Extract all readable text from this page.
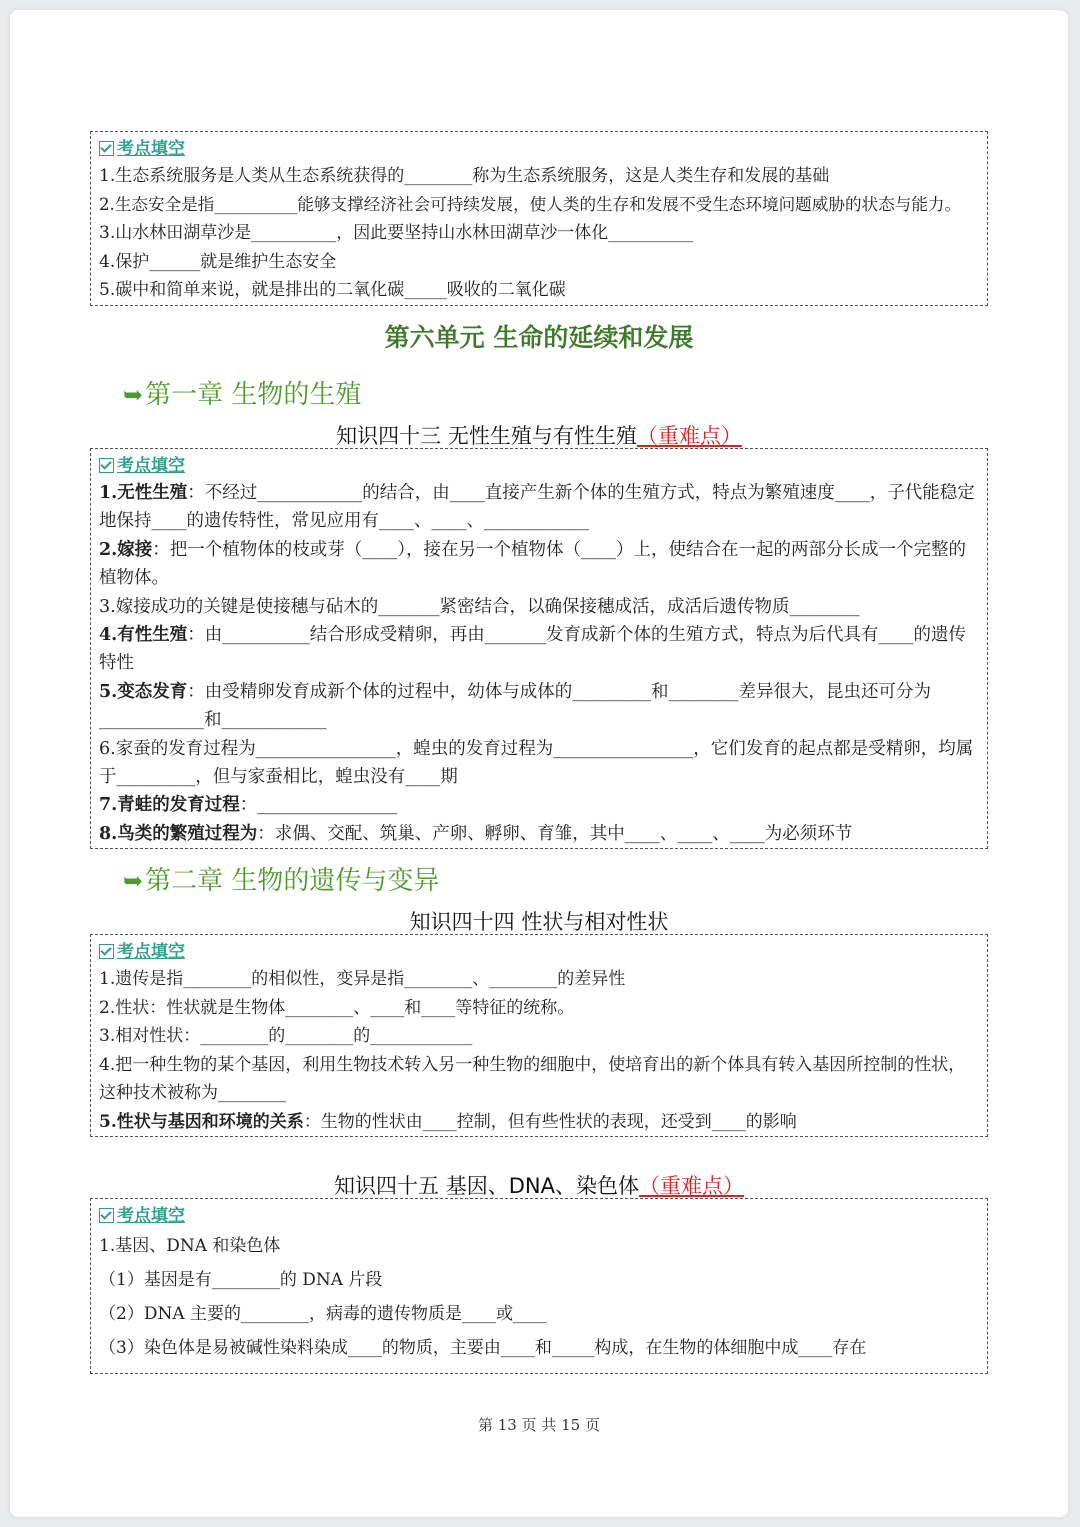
考点填空
1.生态系统服务是人类从生态系统获得的________称为生态系统服务，这是人类生存和发展的基础
2.生态安全是指__________能够支撑经济社会可持续发展，使人类的生存和发展不受生态环境问题威胁的状态与能力。
3.山水林田湖草沙是__________，因此要坚持山水林田湖草沙一体化__________
4.保护______就是维护生态安全
5.碳中和简单来说，就是排出的二氧化碳_____吸收的二氧化碳
第六单元 生命的延续和发展
➥第一章 生物的生殖
知识四十三 无性生殖与有性生殖（重难点）
考点填空
1.无性生殖：不经过____________的结合，由____直接产生新个体的生殖方式，特点为繁殖速度____，子代能稳定地保持____的遗传特性，常见应用有____、____、____________
2.嫁接：把一个植物体的枝或芽（____），接在另一个植物体（____）上，使结合在一起的两部分长成一个完整的植物体。
3.嫁接成功的关键是使接穗与砧木的_______紧密结合，以确保接穗成活，成活后遗传物质________
4.有性生殖：由__________结合形成受精卵，再由_______发育成新个体的生殖方式，特点为后代具有____的遗传特性
5.变态发育：由受精卵发育成新个体的过程中，幼体与成体的_________和________差异很大，昆虫还可分为____________和____________
6.家蚕的发育过程为________________，蝗虫的发育过程为________________，它们发育的起点都是受精卵，均属于_________，但与家蚕相比，蝗虫没有____期
7.青蛙的发育过程：________________
8.鸟类的繁殖过程为：求偶、交配、筑巢、产卵、孵卵、育雏，其中____、____、____为必须环节
➥第二章 生物的遗传与变异
知识四十四 性状与相对性状
考点填空
1.遗传是指________的相似性，变异是指________、________的差异性
2.性状：性状就是生物体________、____和____等特征的统称。
3.相对性状：________的________的____________
4.把一种生物的某个基因，利用生物技术转入另一种生物的细胞中，使培育出的新个体具有转入基因所控制的性状，这种技术被称为________
5.性状与基因和环境的关系：生物的性状由____控制，但有些性状的表现，还受到____的影响
知识四十五 基因、DNA、染色体（重难点）
考点填空
1.基因、DNA 和染色体
（1）基因是有________的 DNA 片段
（2）DNA 主要的________，病毒的遗传物质是____或____
（3）染色体是易被碱性染料染成____的物质，主要由____和_____构成，在生物的体细胞中成____存在
第 13 页 共 15 页
